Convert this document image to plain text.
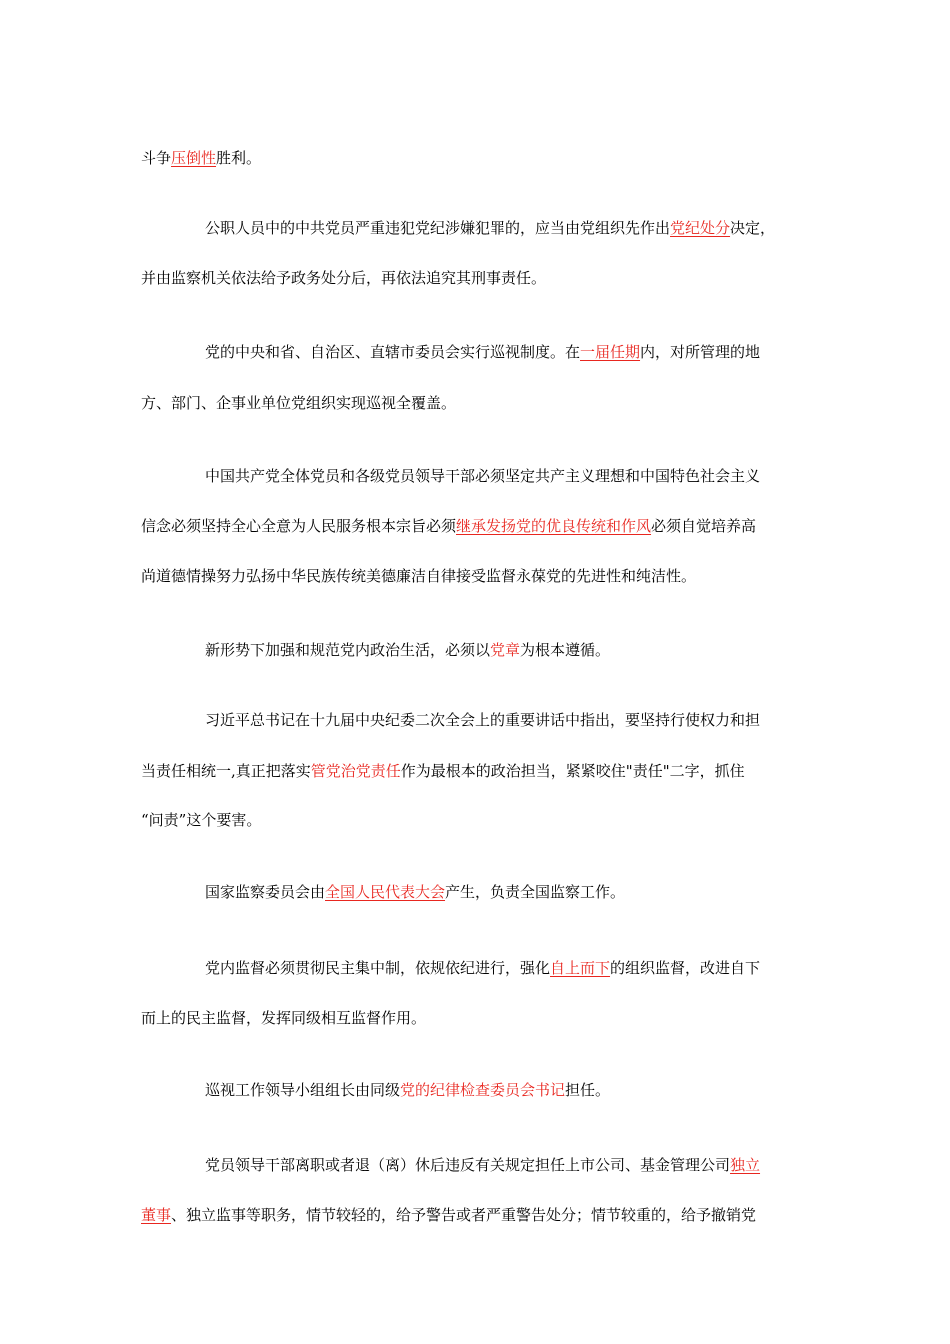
斗争压倒性胜利。
公职人员中的中共党员严重违犯党纪涉嫌犯罪的，应当由党组织先作出党纪处分决定，
并由监察机关依法给予政务处分后，再依法追究其刑事责任。
党的中央和省、自治区、直辖市委员会实行巡视制度。在一届任期内，对所管理的地
方、部门、企事业单位党组织实现巡视全覆盖。
中国共产党全体党员和各级党员领导干部必须坚定共产主义理想和中国特色社会主义
信念必须坚持全心全意为人民服务根本宗旨必须继承发扬党的优良传统和作风必须自觉培养高
尚道德情操努力弘扬中华民族传统美德廉洁自律接受监督永葆党的先进性和纯洁性。
新形势下加强和规范党内政治生活，必须以党章为根本遵循。
习近平总书记在十九届中央纪委二次全会上的重要讲话中指出，要坚持行使权力和担
当责任相统一,真正把落实管党治党责任作为最根本的政治担当，紧紧咬住"责任"二字，抓住
“问责”这个要害。
国家监察委员会由全国人民代表大会产生，负责全国监察工作。
党内监督必须贯彻民主集中制，依规依纪进行，强化自上而下的组织监督，改进自下
而上的民主监督，发挥同级相互监督作用。
巡视工作领导小组组长由同级党的纪律检查委员会书记担任。
党员领导干部离职或者退（离）休后违反有关规定担任上市公司、基金管理公司独立
董事、独立监事等职务，情节较轻的，给予警告或者严重警告处分；情节较重的，给予撤销党
